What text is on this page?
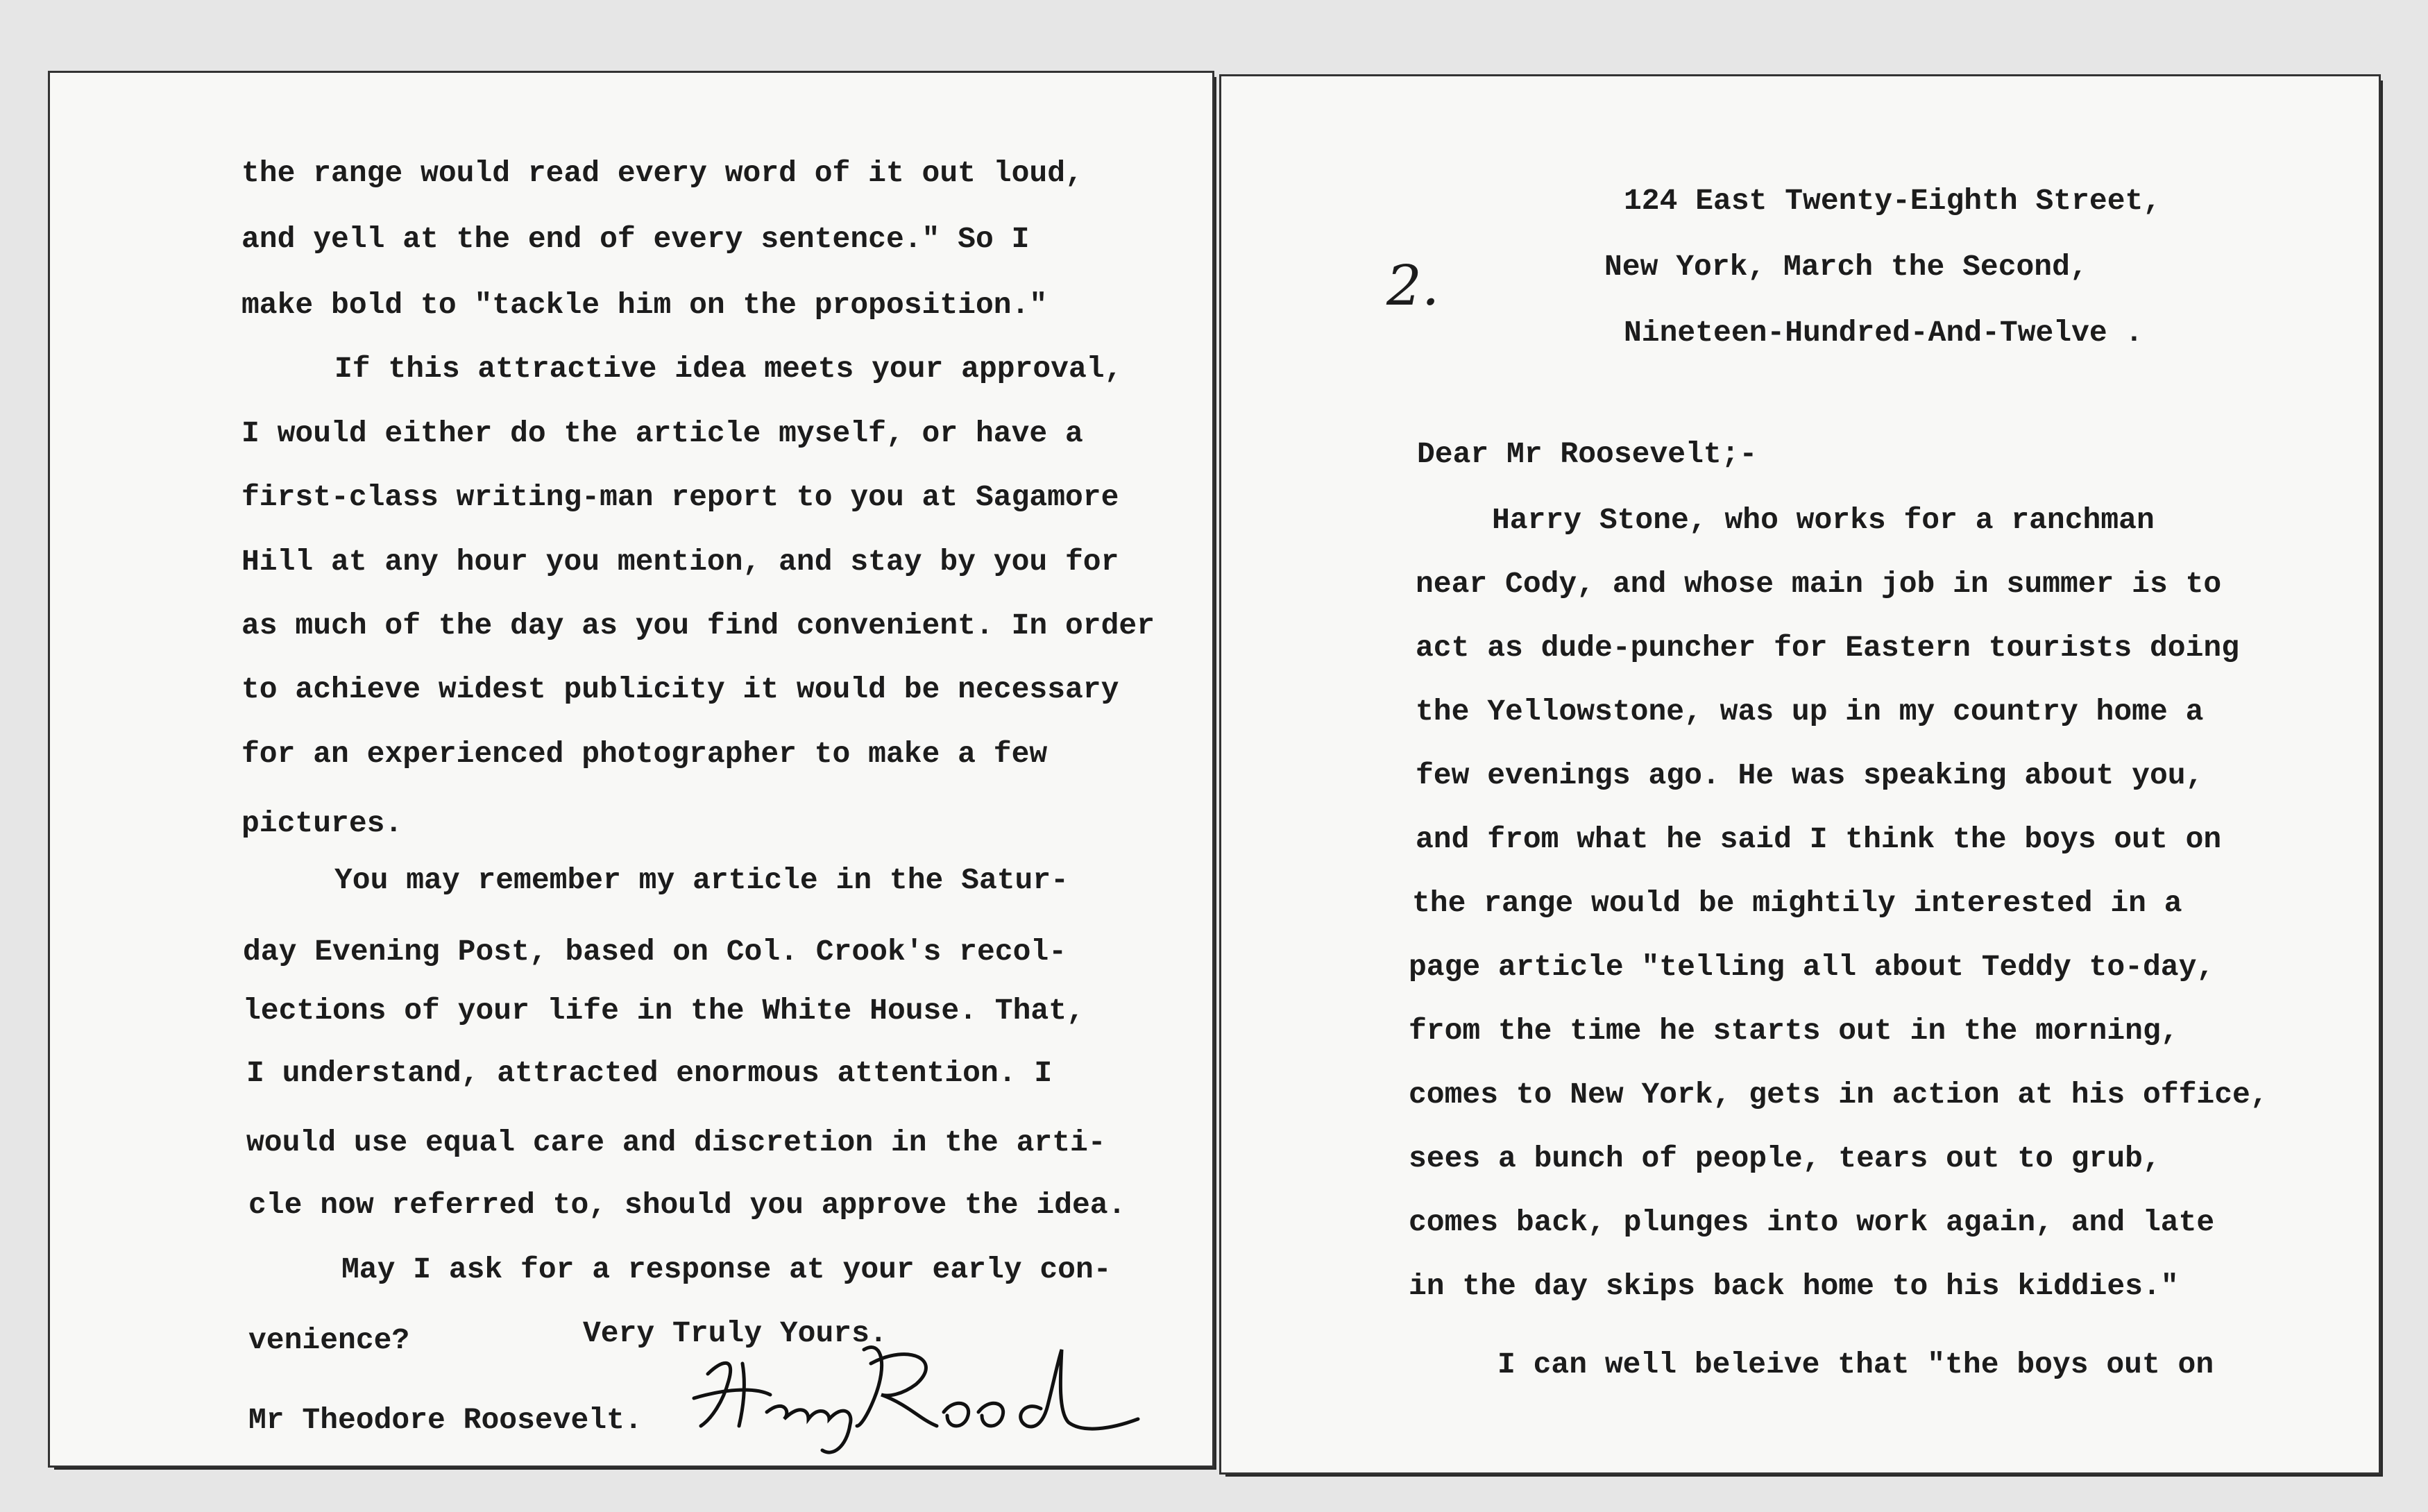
the range would read every word of it out loud,
and yell at the end of every sentence." So I
make bold to "tackle him on the proposition."
If this attractive idea meets your approval,
I would either do the article myself, or have a
first-class writing-man report to you at Sagamore
Hill at any hour you mention, and stay by you for
as much of the day as you find convenient. In order
to achieve widest publicity it would be necessary
for an experienced photographer to make a few
pictures.
You may remember my article in the Satur-
day Evening Post, based on Col. Crook's recol-
lections of your life in the White House. That,
I understand, attracted enormous attention. I
would use equal care and discretion in the arti-
cle now referred to, should you approve the idea.
May I ask for a response at your early con-
venience?	Very Truly Yours.
Mr Theodore Roosevelt.
2.
124 East Twenty-Eighth Street,
New York, March the Second,
Nineteen-Hundred-And-Twelve .
Dear Mr Roosevelt;-
Harry Stone, who works for a ranchman
near Cody, and whose main job in summer is to
act as dude-puncher for Eastern tourists doing
the Yellowstone, was up in my country home a
few evenings ago. He was speaking about you,
and from what he said I think the boys out on
the range would be mightily interested in a
page article "telling all about Teddy to-day,
from the time he starts out in the morning,
comes to New York, gets in action at his office,
sees a bunch of people, tears out to grub,
comes back, plunges into work again, and late
in the day skips back home to his kiddies."
I can well beleive that "the boys out on
